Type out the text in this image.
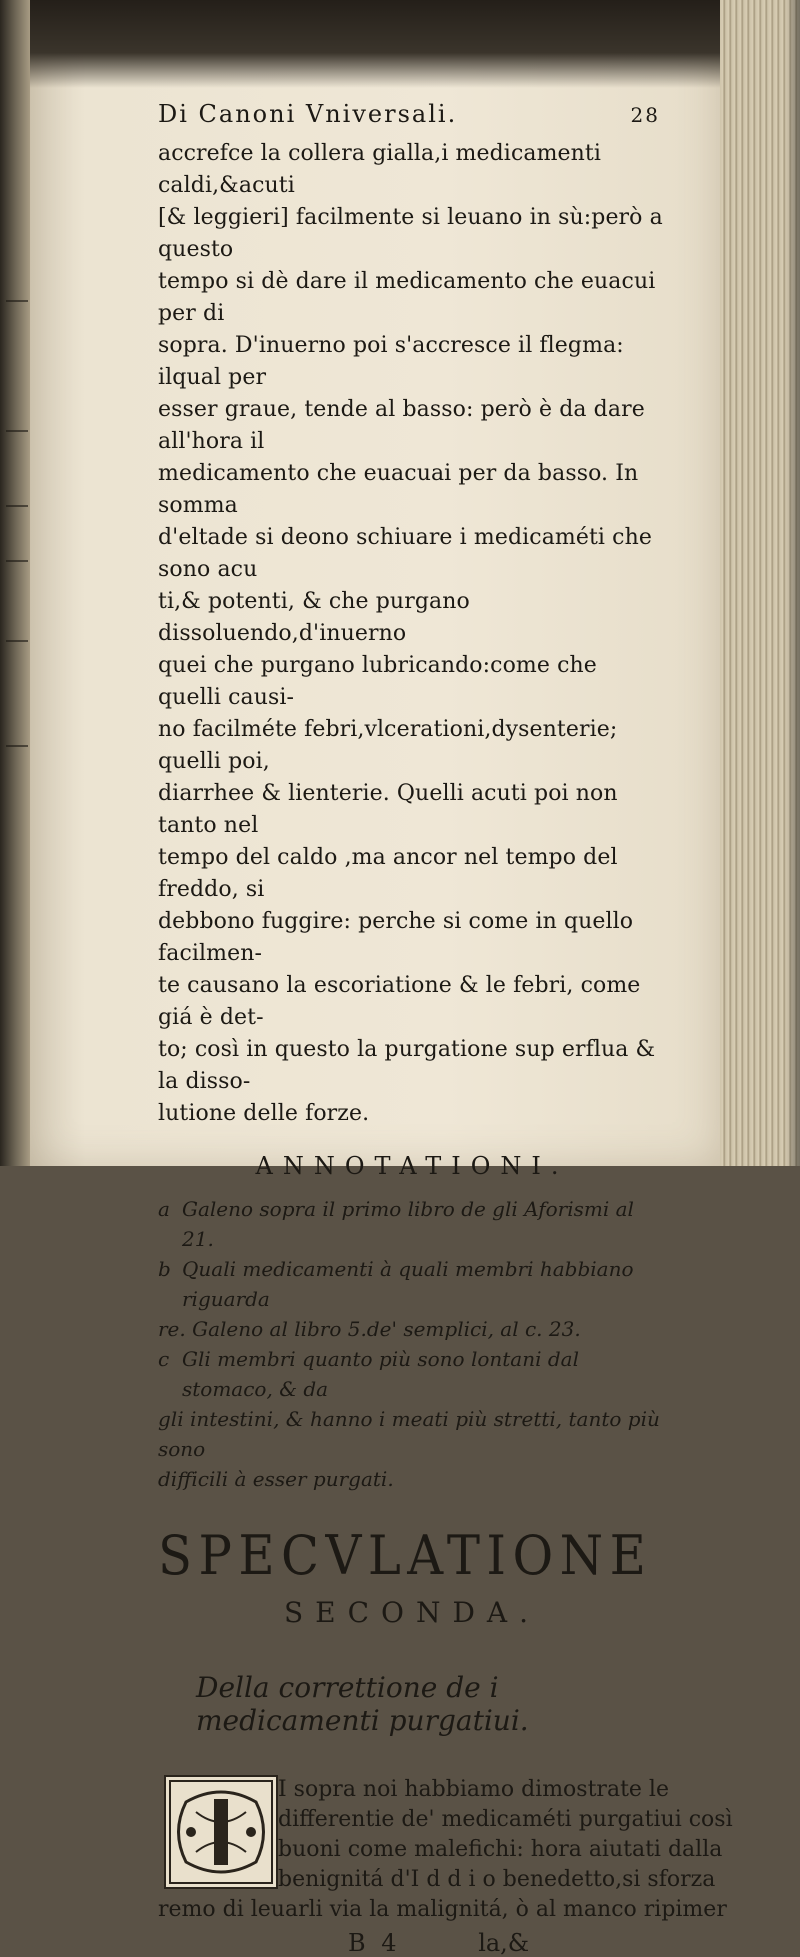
Di Canoni Vniversali.	28

accrefce la collera gialla,i medicamenti caldi,&acuti

[& leggieri] facilmente si leuano in sù:però a questo

tempo si dè dare il medicamento che euacui per di

sopra. D'inuerno poi s'accresce il flegma: ilqual per

esser graue, tende al basso: però è da dare all'hora il

medicamento che euacuai per da basso. In somma

d'eltade si deono schiuare i medicaméti che sono acu

ti,& potenti, & che purgano dissoluendo,d'inuerno

quei che purgano lubricando:come che quelli causi-

no facilméte febri,vlcerationi,dysenterie; quelli poi,

diarrhee & lienterie. Quelli acuti poi non tanto nel

tempo del caldo ,ma ancor nel tempo del freddo, si

debbono fuggire: perche si come in quello facilmen-

te causano la escoriatione & le febri, come giá è det-

to; così in questo la purgatione sup erflua & la disso-

lutione delle forze.

ANNOTATIONI.
a Galeno sopra il primo libro de gli Aforismi al 21.
b Quali medicamenti à quali membri habbiano riguarda
re. Galeno al libro 5.de' semplici, al c. 23.
c Gli membri quanto più sono lontani dal stomaco, & da
gli intestini, & hanno i meati più stretti, tanto più sono
difficili à esser purgati.
SPECVLATIONE
SECONDA.
Della correttione de i medicamenti purgatiui.
I sopra noi habbiamo dimostrate le
differentie de' medicaméti purgatiui così
buoni come malefichi: hora aiutati dalla
benignitá d'I d d i o benedetto,si sforza
remo di leuarli via la malignitá, ò al manco ripimer
B 4	la,&
